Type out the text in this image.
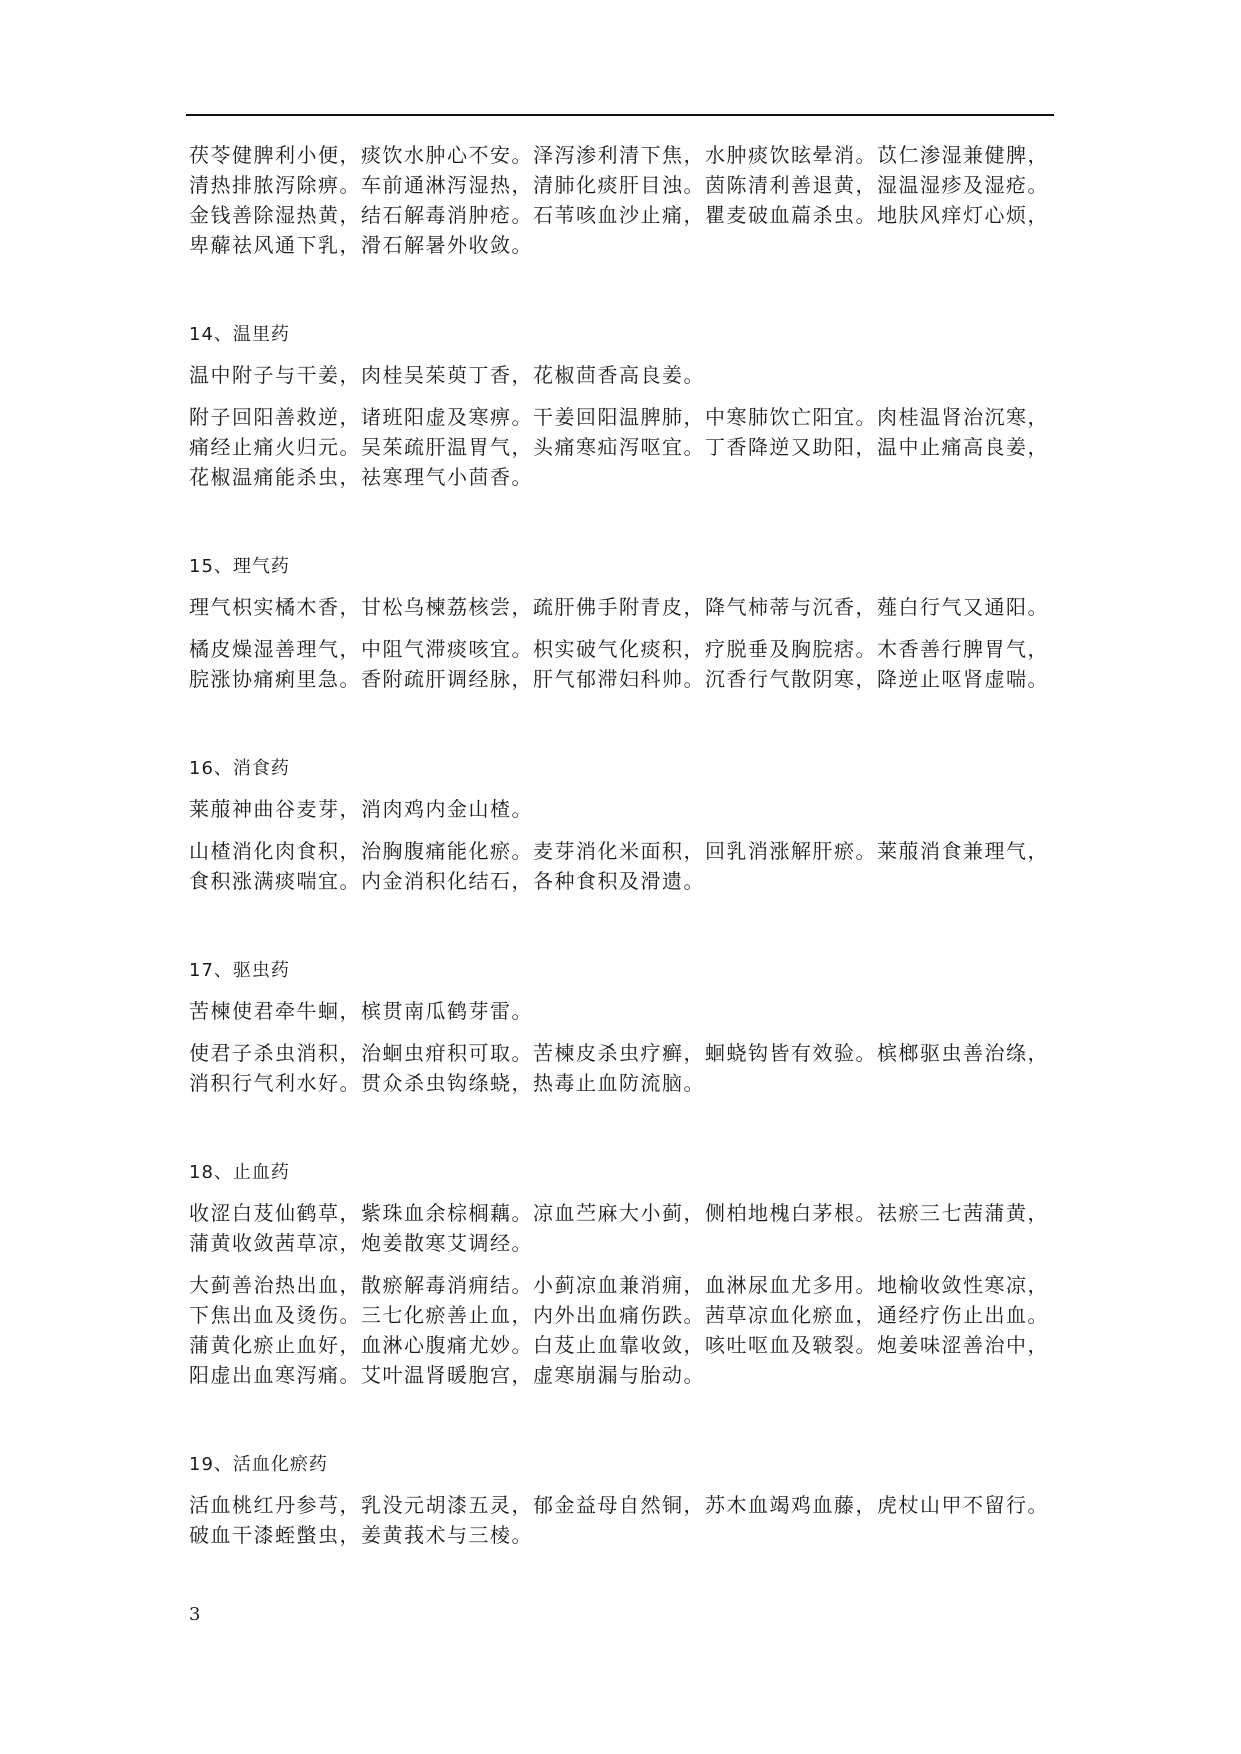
茯苓健脾利小便，痰饮水肿心不安。泽泻渗利清下焦，水肿痰饮眩晕消。苡仁渗湿兼健脾，

清热排脓泻除痹。车前通淋泻湿热，清肺化痰肝目浊。茵陈清利善退黄，湿温湿疹及湿疮。

金钱善除湿热黄，结石解毒消肿疮。石苇咳血沙止痛，瞿麦破血萹杀虫。地肤风痒灯心烦，

卑薢祛风通下乳，滑石解暑外收敛。

14、温里药

温中附子与干姜，肉桂吴茱萸丁香，花椒茴香高良姜。

附子回阳善救逆，诸班阳虚及寒痹。干姜回阳温脾肺，中寒肺饮亡阳宜。肉桂温肾治沉寒，

痛经止痛火归元。吴茱疏肝温胃气，头痛寒疝泻呕宜。丁香降逆又助阳，温中止痛高良姜，

花椒温痛能杀虫，祛寒理气小茴香。

15、理气药

理气枳实橘木香，甘松乌楝荔核尝，疏肝佛手附青皮，降气柿蒂与沉香，薤白行气又通阳。

橘皮燥湿善理气，中阻气滞痰咳宜。枳实破气化痰积，疗脱垂及胸脘痞。木香善行脾胃气，

脘涨协痛痢里急。香附疏肝调经脉，肝气郁滞妇科帅。沉香行气散阴寒，降逆止呕肾虚喘。

16、消食药

莱菔神曲谷麦芽，消肉鸡内金山楂。

山楂消化肉食积，治胸腹痛能化瘀。麦芽消化米面积，回乳消涨解肝瘀。莱菔消食兼理气，

食积涨满痰喘宜。内金消积化结石，各种食积及滑遗。

17、驱虫药

苦楝使君牵牛蛔，槟贯南瓜鹤芽雷。

使君子杀虫消积，治蛔虫疳积可取。苦楝皮杀虫疗癣，蛔蛲钩皆有效验。槟榔驱虫善治绦，

消积行气利水好。贯众杀虫钩绦蛲，热毒止血防流脑。

18、止血药

收涩白芨仙鹤草，紫珠血余棕榈藕。凉血苎麻大小蓟，侧柏地槐白茅根。祛瘀三七茜蒲黄，

蒲黄收敛茜草凉，炮姜散寒艾调经。

大蓟善治热出血，散瘀解毒消痈结。小蓟凉血兼消痈，血淋尿血尤多用。地榆收敛性寒凉，

下焦出血及烫伤。三七化瘀善止血，内外出血痛伤跌。茜草凉血化瘀血，通经疗伤止出血。

蒲黄化瘀止血好，血淋心腹痛尤妙。白芨止血靠收敛，咳吐呕血及皲裂。炮姜味涩善治中，

阳虚出血寒泻痛。艾叶温肾暖胞宫，虚寒崩漏与胎动。

19、活血化瘀药

活血桃红丹参芎，乳没元胡漆五灵，郁金益母自然铜，苏木血竭鸡血藤，虎杖山甲不留行。

破血干漆蛭蟞虫，姜黄莪术与三棱。

3
